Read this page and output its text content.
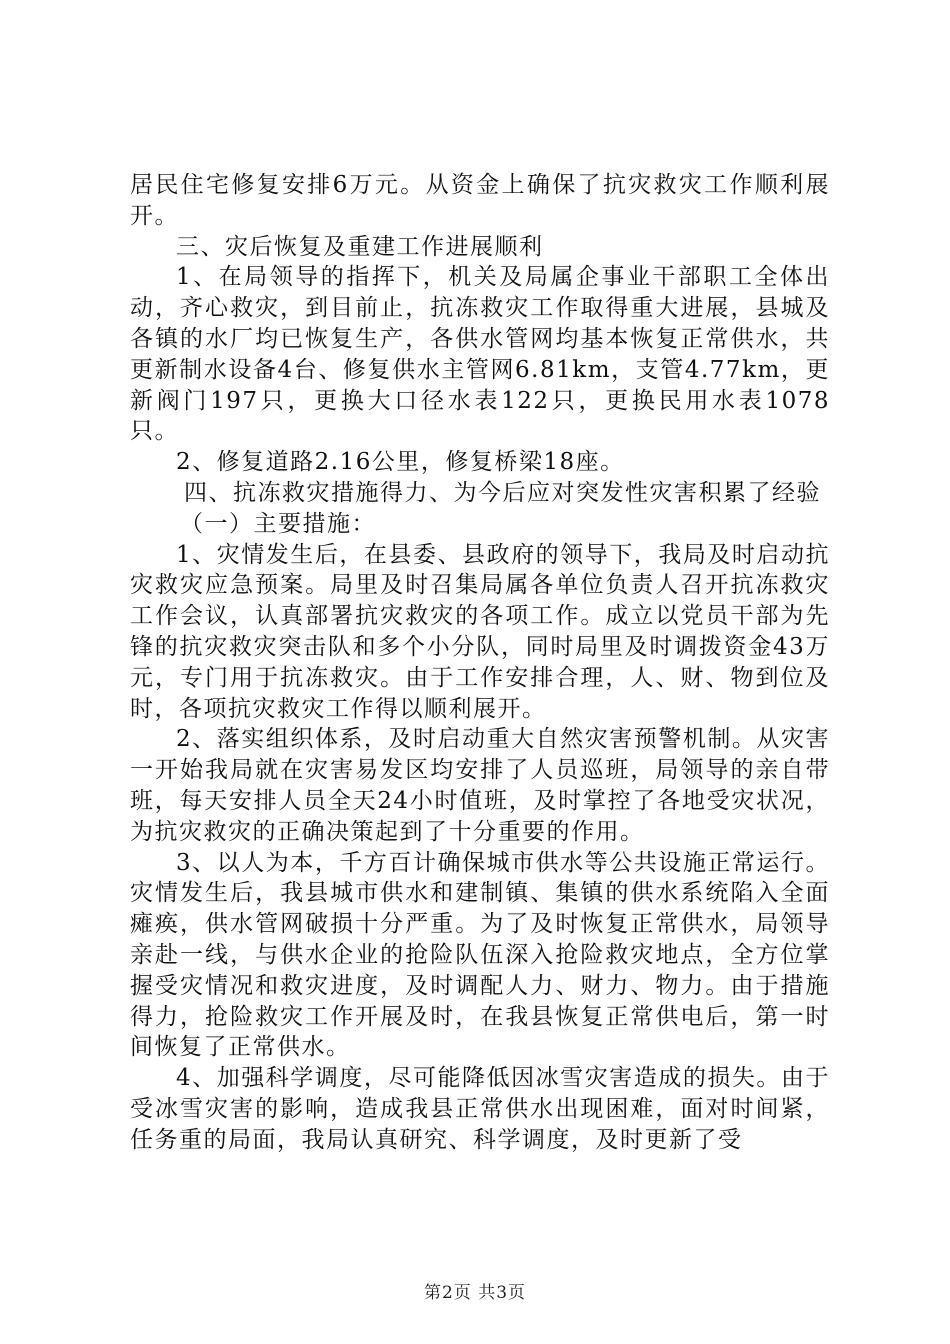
居民住宅修复安排6万元。从资金上确保了抗灾救灾工作顺利展开。

三、灾后恢复及重建工作进展顺利

1、在局领导的指挥下，机关及局属企事业干部职工全体出动，齐心救灾，到目前止，抗冻救灾工作取得重大进展，县城及各镇的水厂均已恢复生产，各供水管网均基本恢复正常供水，共更新制水设备4台、修复供水主管网6.81km，支管4.77km，更新阀门197只，更换大口径水表122只，更换民用水表1078只。

2、修复道路2.16公里，修复桥梁18座。

四、抗冻救灾措施得力、为今后应对突发性灾害积累了经验

（一）主要措施：

1、灾情发生后，在县委、县政府的领导下，我局及时启动抗灾救灾应急预案。局里及时召集局属各单位负责人召开抗冻救灾工作会议，认真部署抗灾救灾的各项工作。成立以党员干部为先锋的抗灾救灾突击队和多个小分队，同时局里及时调拨资金43万元，专门用于抗冻救灾。由于工作安排合理，人、财、物到位及时，各项抗灾救灾工作得以顺利展开。

2、落实组织体系，及时启动重大自然灾害预警机制。从灾害一开始我局就在灾害易发区均安排了人员巡班，局领导的亲自带班，每天安排人员全天24小时值班，及时掌控了各地受灾状况，为抗灾救灾的正确决策起到了十分重要的作用。

3、以人为本，千方百计确保城市供水等公共设施正常运行。灾情发生后，我县城市供水和建制镇、集镇的供水系统陷入全面瘫痪，供水管网破损十分严重。为了及时恢复正常供水，局领导亲赴一线，与供水企业的抢险队伍深入抢险救灾地点，全方位掌握受灾情况和救灾进度，及时调配人力、财力、物力。由于措施得力，抢险救灾工作开展及时，在我县恢复正常供电后，第一时间恢复了正常供水。

4、加强科学调度，尽可能降低因冰雪灾害造成的损失。由于受冰雪灾害的影响，造成我县正常供水出现困难，面对时间紧，任务重的局面，我局认真研究、科学调度，及时更新了受

第2页 共3页
